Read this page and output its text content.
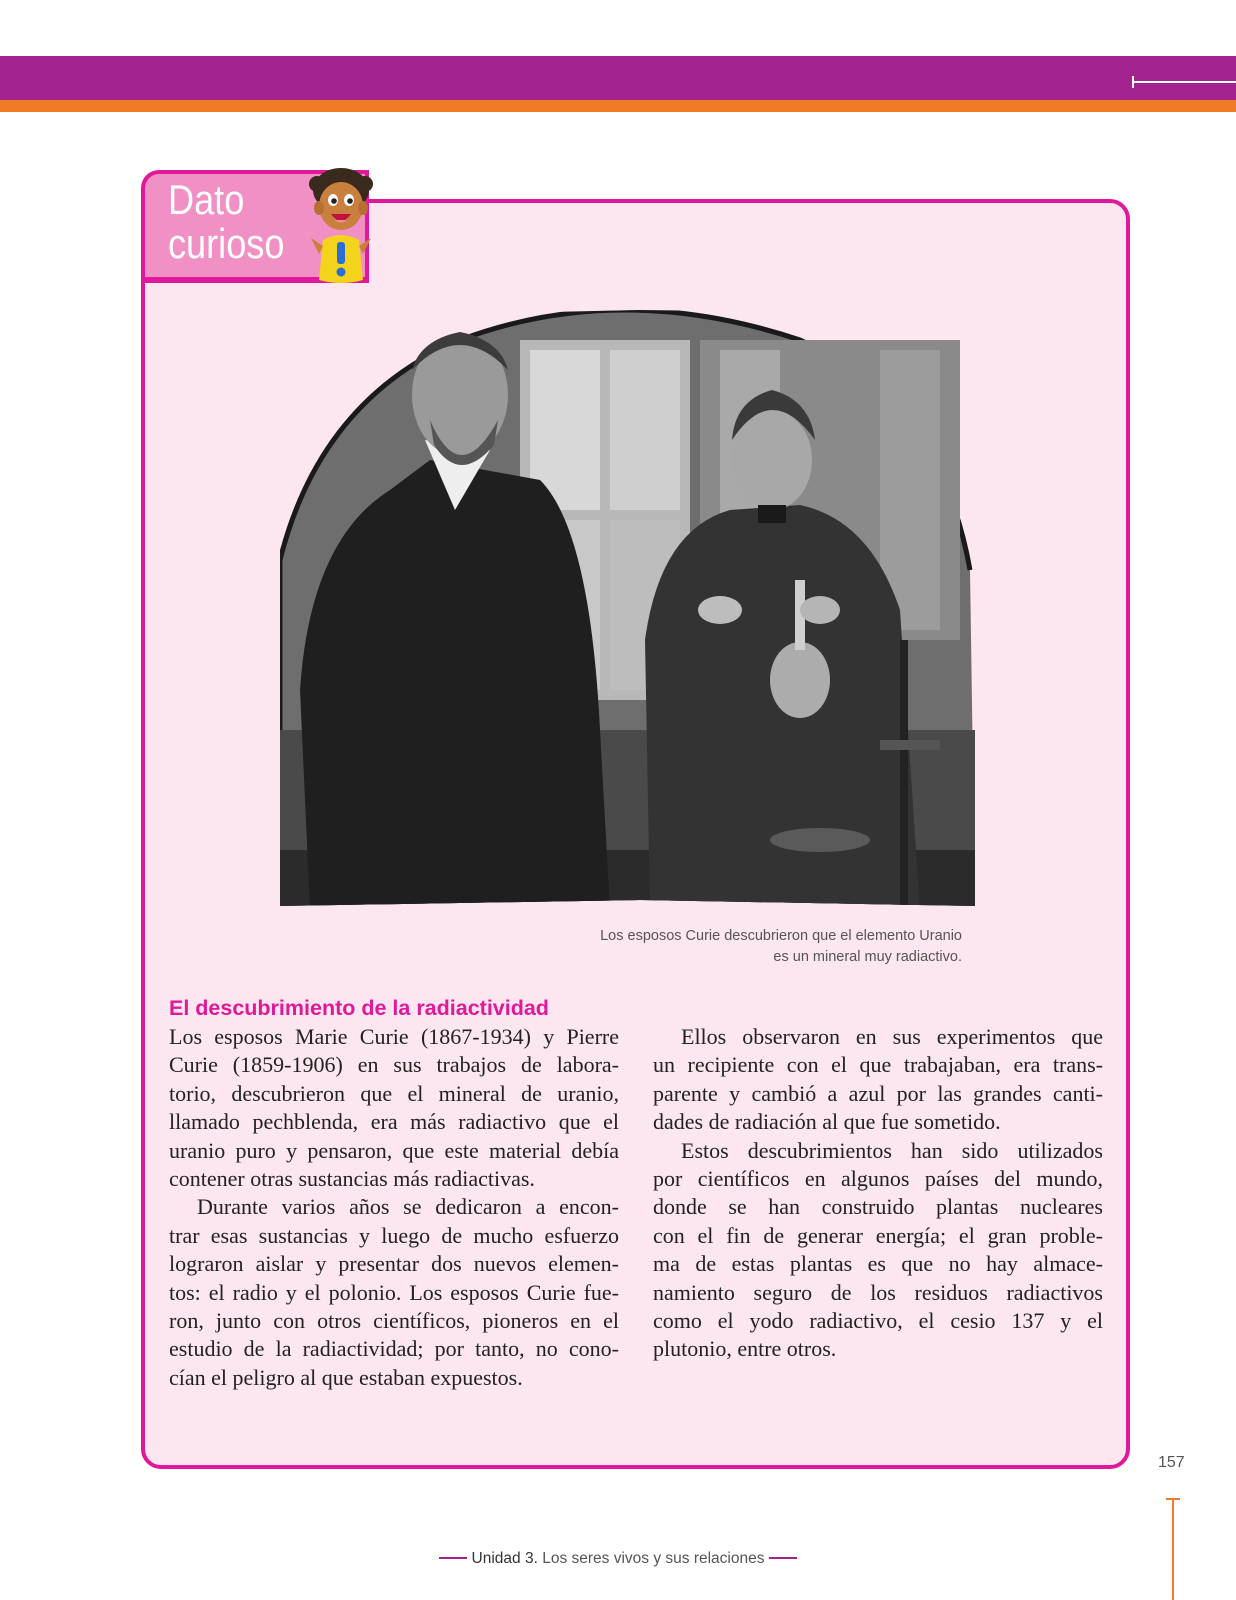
Dato
curioso
Los esposos Curie descubrieron que el elemento Uranio
es un mineral muy radiactivo.
El descubrimiento de la radiactividad
Los esposos Marie Curie (1867-1934) y Pierre
Curie (1859-1906) en sus trabajos de labora-
torio, descubrieron que el mineral de uranio,
llamado pechblenda, era más radiactivo que el
uranio puro y pensaron, que este material debía
contener otras sustancias más radiactivas.
Durante varios años se dedicaron a encon-
trar esas sustancias y luego de mucho esfuerzo
lograron aislar y presentar dos nuevos elemen-
tos: el radio y el polonio. Los esposos Curie fue-
ron, junto con otros científicos, pioneros en el
estudio de la radiactividad; por tanto, no cono-
cían el peligro al que estaban expuestos.
Ellos observaron en sus experimentos que
un recipiente con el que trabajaban, era trans-
parente y cambió a azul por las grandes canti-
dades de radiación al que fue sometido.
Estos descubrimientos han sido utilizados
por científicos en algunos países del mundo,
donde se han construido plantas nucleares
con el fin de generar energía; el gran proble-
ma de estas plantas es que no hay almace-
namiento seguro de los residuos radiactivos
como el yodo radiactivo, el cesio 137 y el
plutonio, entre otros.
157
Unidad 3. Los seres vivos y sus relaciones
